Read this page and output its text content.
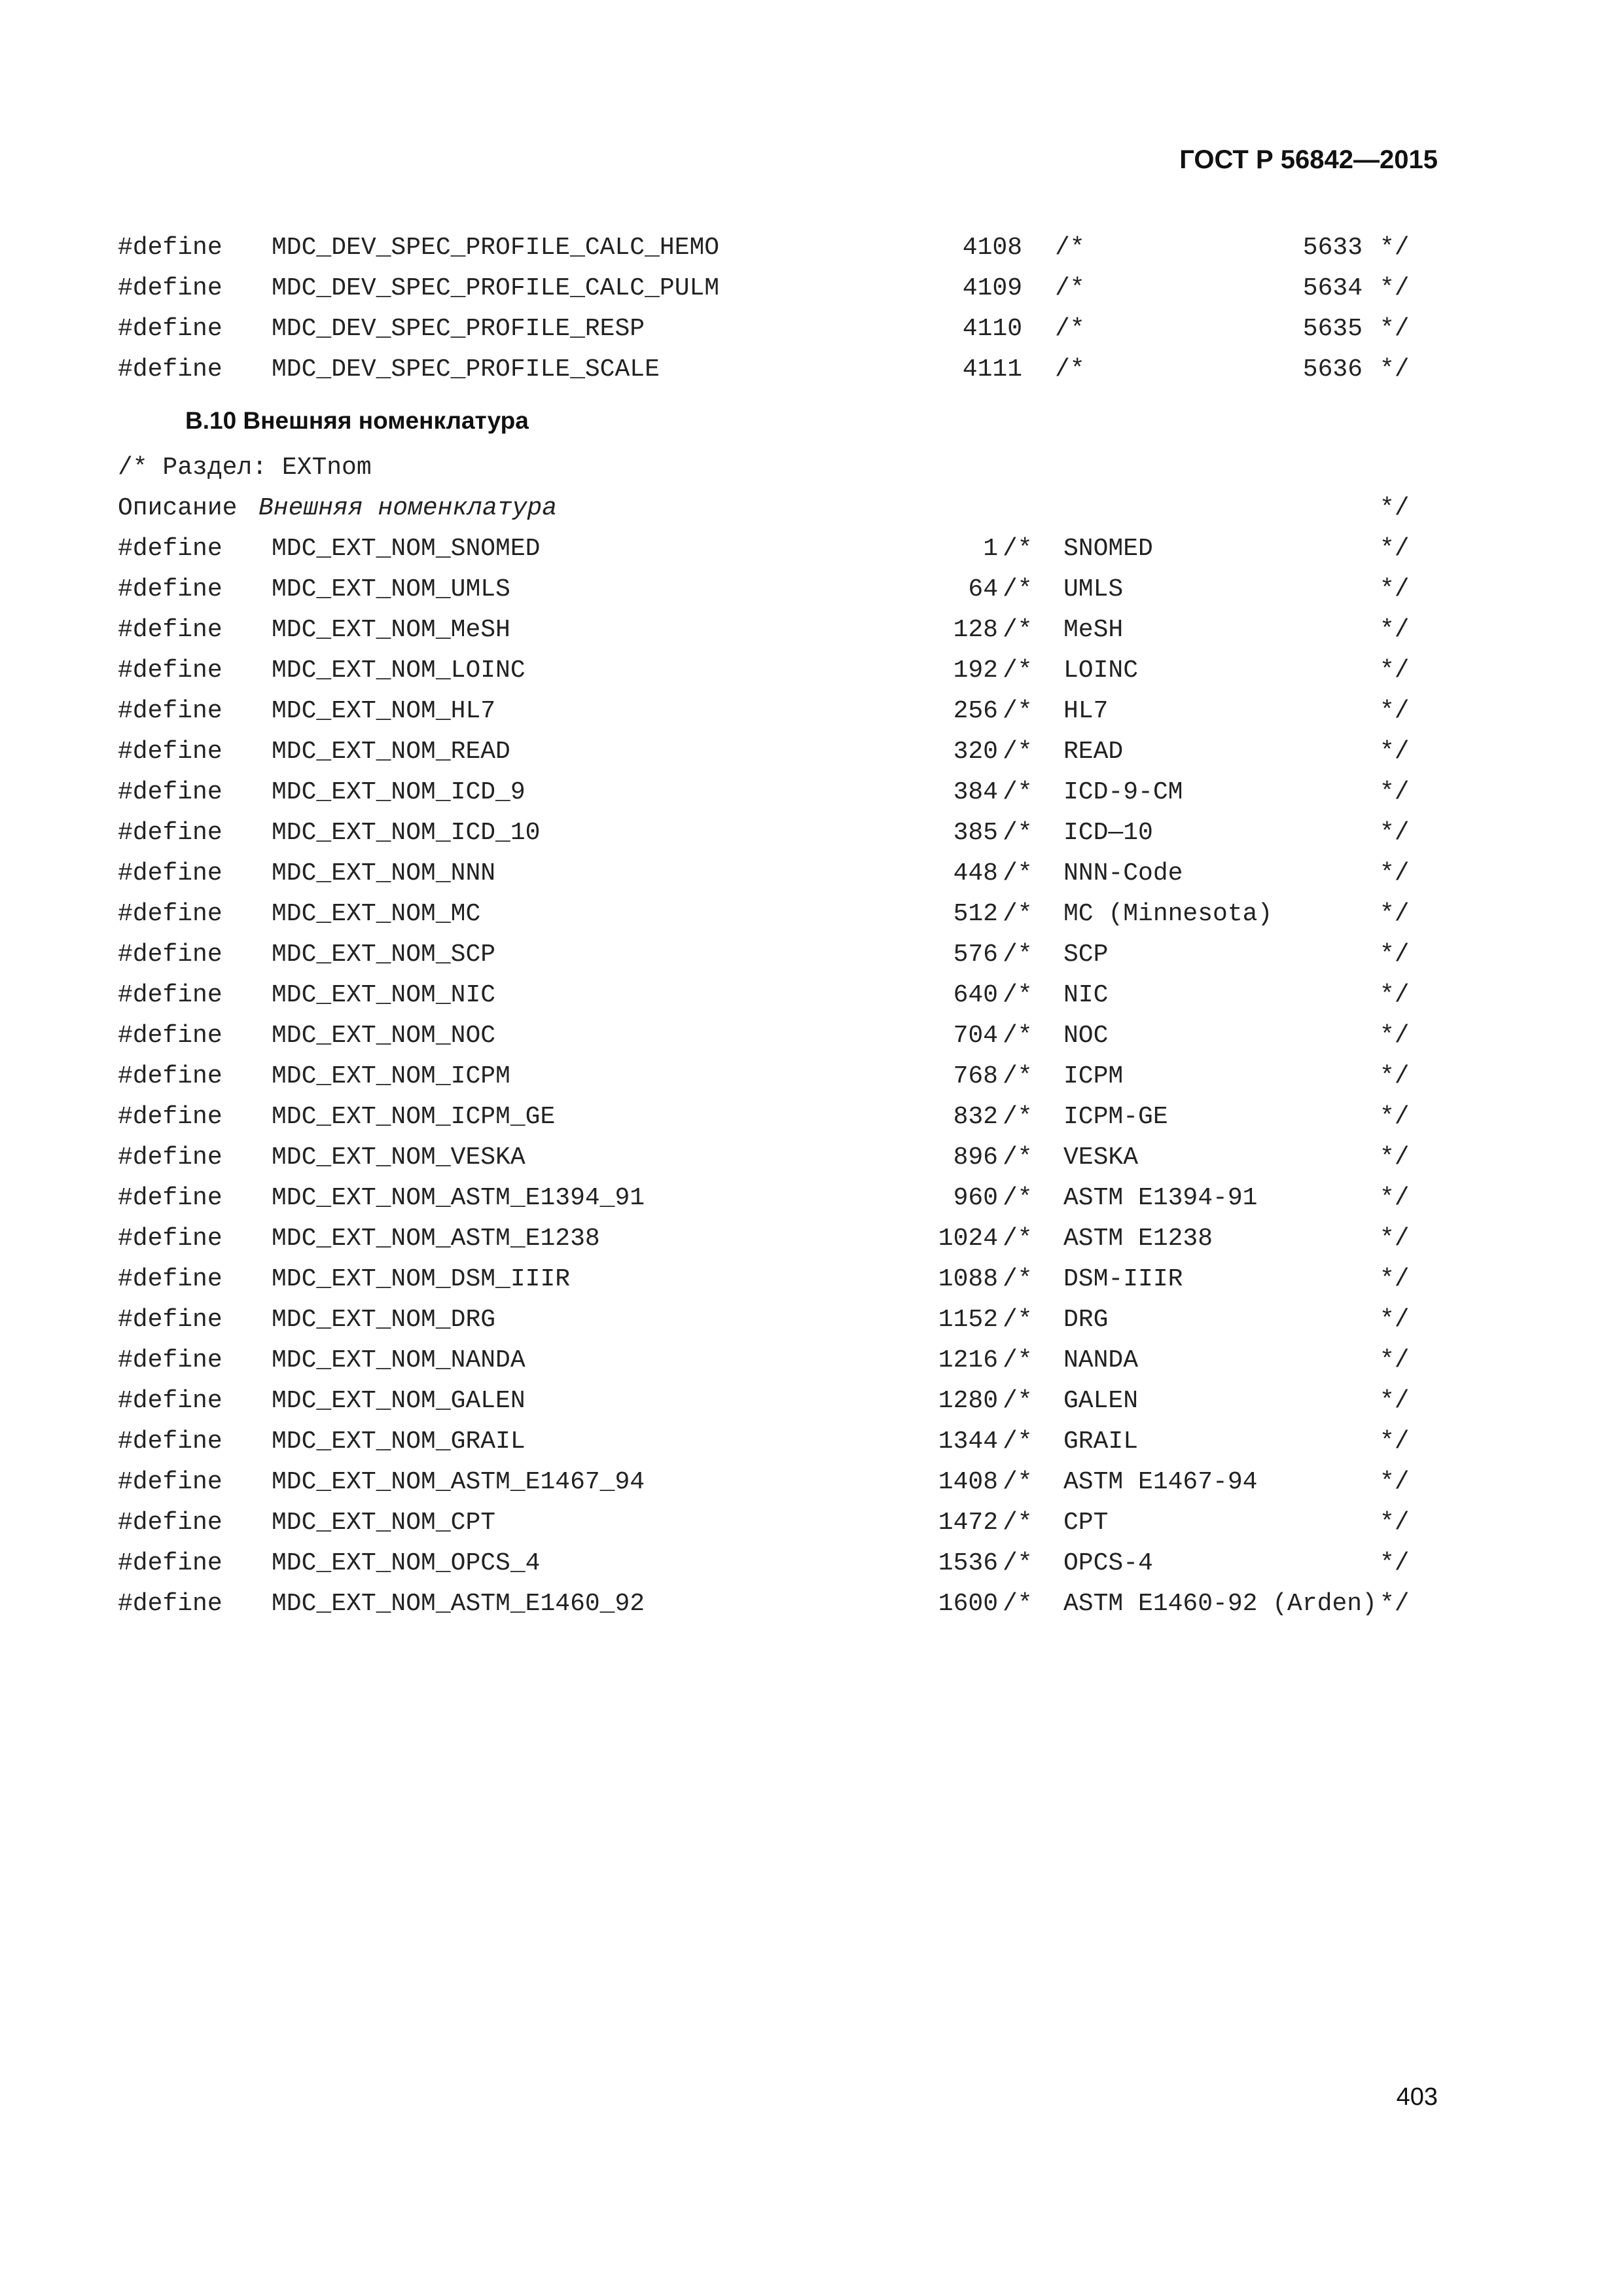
ГОСТ Р 56842—2015
#define MDC_DEV_SPEC_PROFILE_CALC_HEMO	4108 /*	5633 */
#define MDC_DEV_SPEC_PROFILE_CALC_PULM	4109 /*	5634 */
#define MDC_DEV_SPEC_PROFILE_RESP	4110 /*	5635 */
#define MDC_DEV_SPEC_PROFILE_SCALE	4111 /*	5636 */
B.10 Внешняя номенклатура
/* Раздел: EXTnom
Описание Внешняя номенклатура	*/
#define MDC_EXT_NOM_SNOMED	1 /* SNOMED	*/
#define MDC_EXT_NOM_UMLS	64 /* UMLS	*/
#define MDC_EXT_NOM_MeSH	128 /* MeSH	*/
#define MDC_EXT_NOM_LOINC	192 /* LOINC	*/
#define MDC_EXT_NOM_HL7	256 /* HL7	*/
#define MDC_EXT_NOM_READ	320 /* READ	*/
#define MDC_EXT_NOM_ICD_9	384 /* ICD-9-CM	*/
#define MDC_EXT_NOM_ICD_10	385 /* ICD—10	*/
#define MDC_EXT_NOM_NNN	448 /* NNN-Code	*/
#define MDC_EXT_NOM_MC	512 /* MC (Minnesota)	*/
#define MDC_EXT_NOM_SCP	576 /* SCP	*/
#define MDC_EXT_NOM_NIC	640 /* NIC	*/
#define MDC_EXT_NOM_NOC	704 /* NOC	*/
#define MDC_EXT_NOM_ICPM	768 /* ICPM	*/
#define MDC_EXT_NOM_ICPM_GE	832 /* ICPM-GE	*/
#define MDC_EXT_NOM_VESKA	896 /* VESKA	*/
#define MDC_EXT_NOM_ASTM_E1394_91	960 /* ASTM E1394-91	*/
#define MDC_EXT_NOM_ASTM_E1238	1024 /* ASTM E1238	*/
#define MDC_EXT_NOM_DSM_IIIR	1088 /* DSM-IIIR	*/
#define MDC_EXT_NOM_DRG	1152 /* DRG	*/
#define MDC_EXT_NOM_NANDA	1216 /* NANDA	*/
#define MDC_EXT_NOM_GALEN	1280 /* GALEN	*/
#define MDC_EXT_NOM_GRAIL	1344 /* GRAIL	*/
#define MDC_EXT_NOM_ASTM_E1467_94	1408 /* ASTM E1467-94	*/
#define MDC_EXT_NOM_CPT	1472 /* CPT	*/
#define MDC_EXT_NOM_OPCS_4	1536 /* OPCS-4	*/
#define MDC_EXT_NOM_ASTM_E1460_92	1600 /* ASTM E1460-92 (Arden) */
403
